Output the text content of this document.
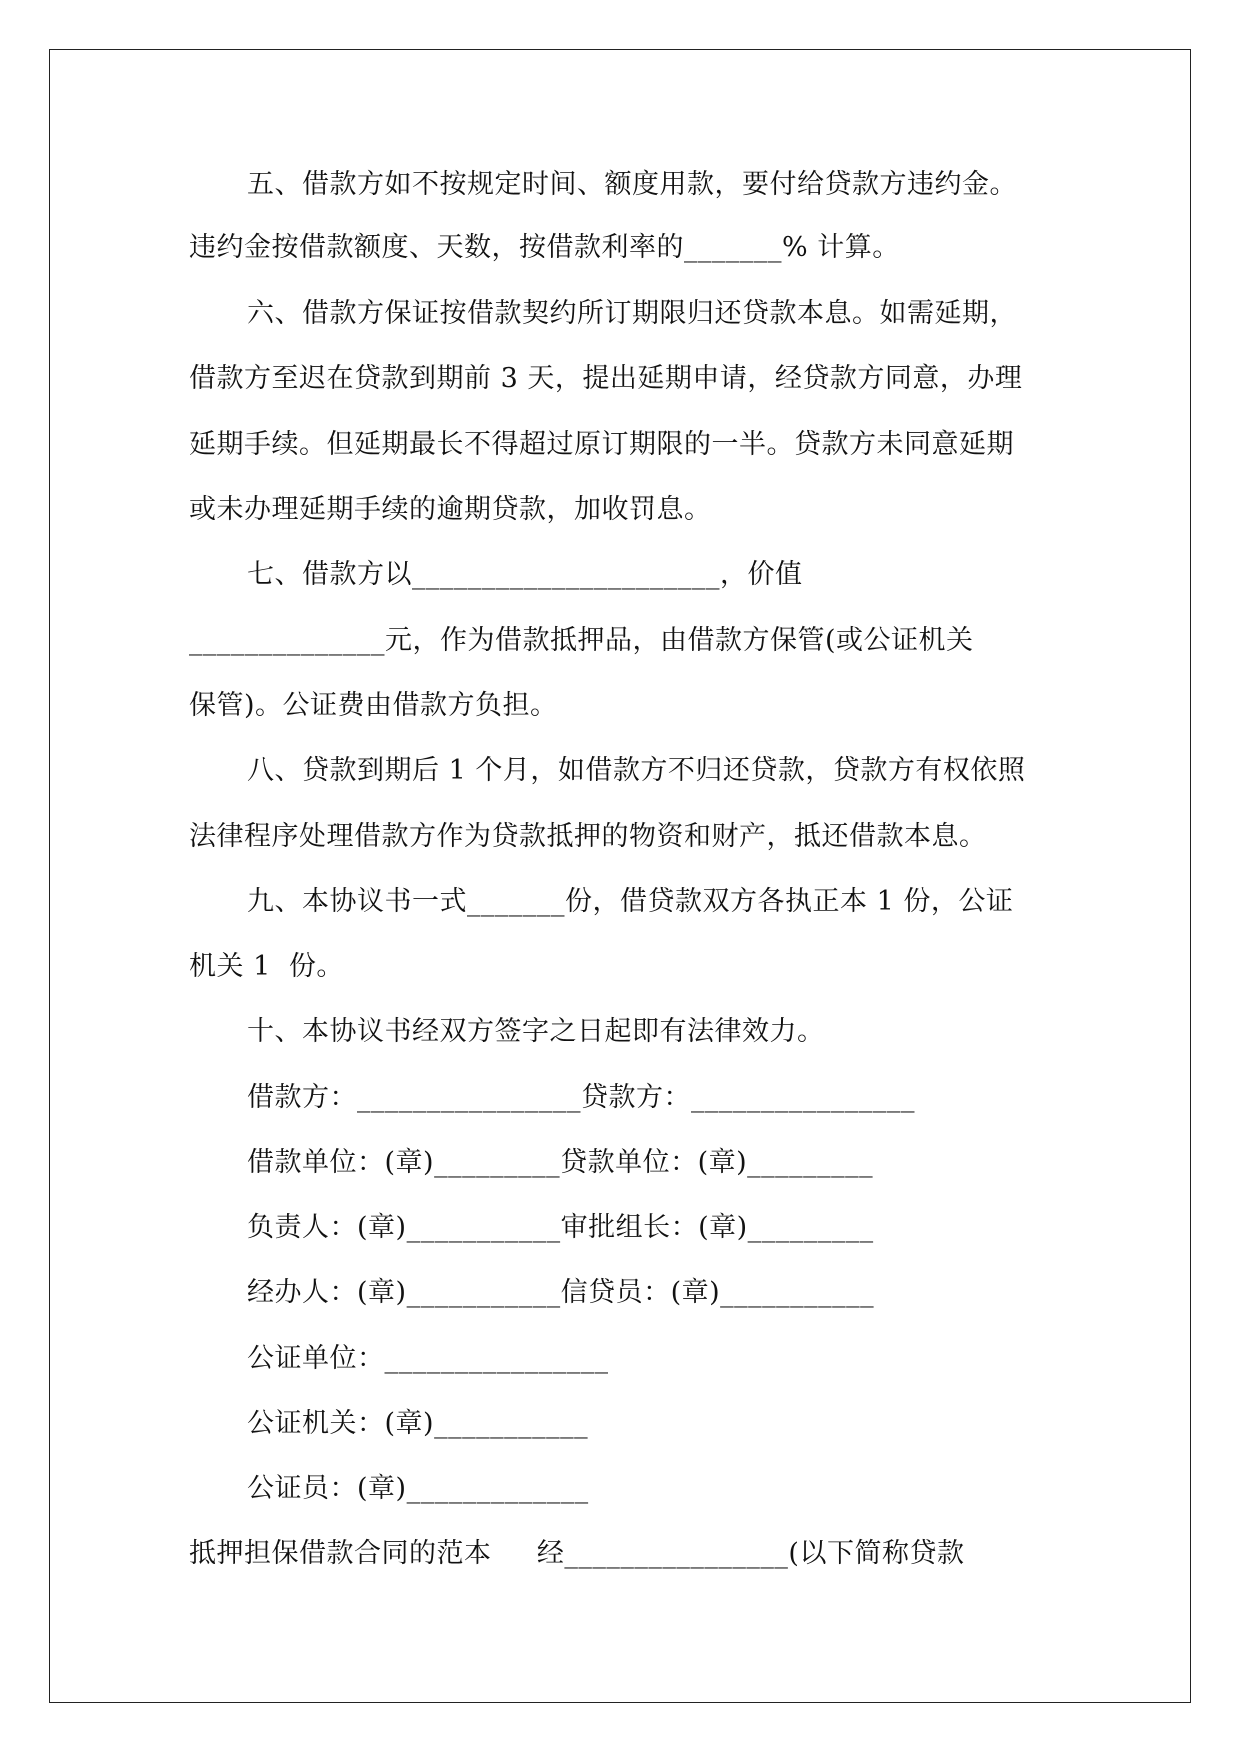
五、借款方如不按规定时间、额度用款，要付给贷款方违约金。
违约金按借款额度、天数，按借款利率的_______% 计算。
六、借款方保证按借款契约所订期限归还贷款本息。如需延期，
借款方至迟在贷款到期前 3 天，提出延期申请，经贷款方同意，办理
延期手续。但延期最长不得超过原订期限的一半。贷款方未同意延期
或未办理延期手续的逾期贷款，加收罚息。
七、借款方以______________________，价值
______________元，作为借款抵押品，由借款方保管(或公证机关
保管)。公证费由借款方负担。
八、贷款到期后 1 个月，如借款方不归还贷款，贷款方有权依照
法律程序处理借款方作为贷款抵押的物资和财产，抵还借款本息。
九、本协议书一式_______份，借贷款双方各执正本 1 份，公证
机关 1  份。
十、本协议书经双方签字之日起即有法律效力。
借款方：________________贷款方：________________
借款单位：(章)_________贷款单位：(章)_________
负责人：(章)___________审批组长：(章)_________
经办人：(章)___________信贷员：(章)___________
公证单位：________________
公证机关：(章)___________
公证员：(章)_____________
抵押担保借款合同的范本     经________________(以下简称贷款
